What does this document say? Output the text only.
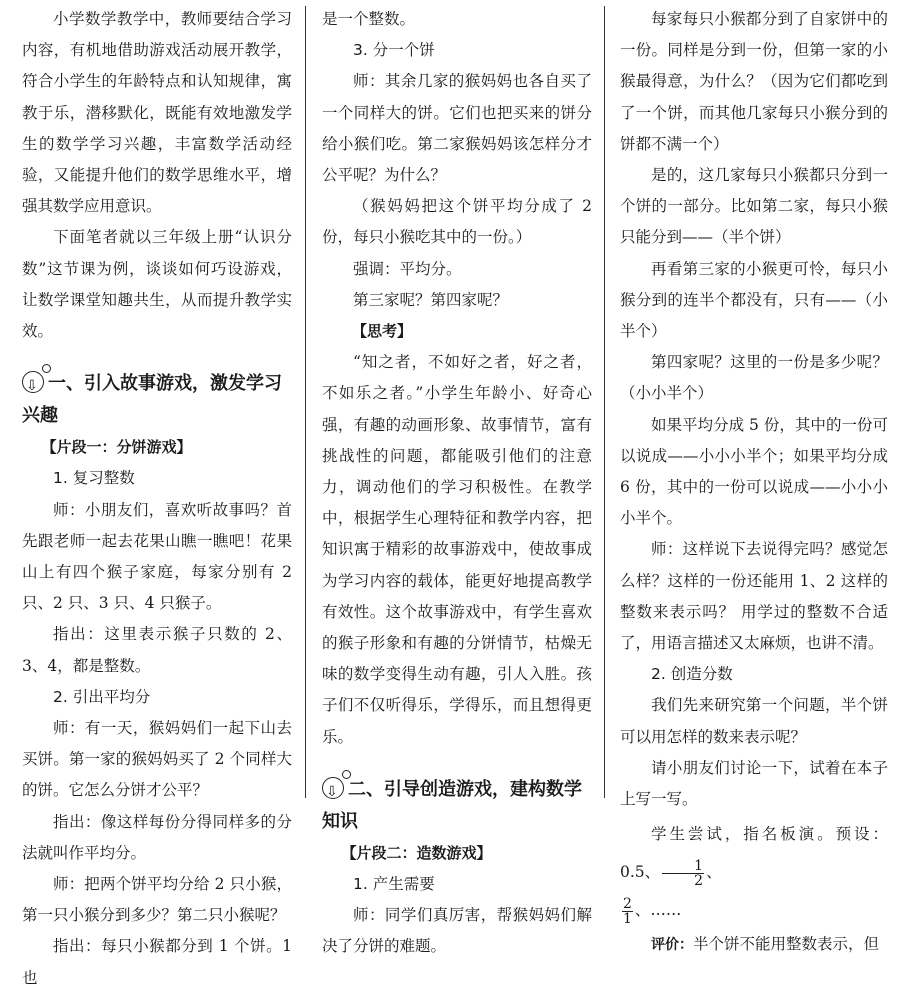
小学数学教学中，教师要结合学习内容，有机地借助游戏活动展开教学，符合小学生的年龄特点和认知规律，寓教于乐，潜移默化，既能有效地激发学生的数学学习兴趣，丰富数学活动经验，又能提升他们的数学思维水平，增强其数学应用意识。

下面笔者就以三年级上册“认识分数”这节课为例，谈谈如何巧设游戏，让数学课堂知趣共生，从而提升教学实效。

⇩一、引入故事游戏，激发学习兴趣
【片段一：分饼游戏】
1. 复习整数

师：小朋友们，喜欢听故事吗？首先跟老师一起去花果山瞧一瞧吧！花果山上有四个猴子家庭，每家分别有 2 只、2 只、3 只、4 只猴子。

指出：这里表示猴子只数的 2、3、4，都是整数。

2. 引出平均分

师：有一天，猴妈妈们一起下山去买饼。第一家的猴妈妈买了 2 个同样大的饼。它怎么分饼才公平？

指出：像这样每份分得同样多的分法就叫作平均分。

师：把两个饼平均分给 2 只小猴，第一只小猴分到多少？第二只小猴呢？

指出：每只小猴都分到 1 个饼。1 也

是一个整数。

3. 分一个饼

师：其余几家的猴妈妈也各自买了一个同样大的饼。它们也把买来的饼分给小猴们吃。第二家猴妈妈该怎样分才公平呢？为什么？

（猴妈妈把这个饼平均分成了 2 份，每只小猴吃其中的一份。）

强调：平均分。

第三家呢？第四家呢？

【思考】

“知之者，不如好之者，好之者，不如乐之者。”小学生年龄小、好奇心强，有趣的动画形象、故事情节，富有挑战性的问题，都能吸引他们的注意力，调动他们的学习积极性。在教学中，根据学生心理特征和教学内容，把知识寓于精彩的故事游戏中，使故事成为学习内容的载体，能更好地提高教学有效性。这个故事游戏中，有学生喜欢的猴子形象和有趣的分饼情节，枯燥无味的数学变得生动有趣，引人入胜。孩子们不仅听得乐，学得乐，而且想得更乐。

⇩二、引导创造游戏，建构数学知识
【片段二：造数游戏】
1. 产生需要

师：同学们真厉害，帮猴妈妈们解决了分饼的难题。

每家每只小猴都分到了自家饼中的一份。同样是分到一份，但第一家的小猴最得意，为什么？（因为它们都吃到了一个饼，而其他几家每只小猴分到的饼都不满一个）

是的，这几家每只小猴都只分到一个饼的一部分。比如第二家，每只小猴只能分到——（半个饼）

再看第三家的小猴更可怜，每只小猴分到的连半个都没有，只有——（小半个）

第四家呢？这里的一份是多少呢？（小小半个）

如果平均分成 5 份，其中的一份可以说成——小小小半个；如果平均分成 6 份，其中的一份可以说成——小小小小半个。

师：这样说下去说得完吗？感觉怎么样？这样的一份还能用 1、2 这样的整数来表示吗？ 用学过的整数不合适了，用语言描述又太麻烦，也讲不清。

2. 创造分数

我们先来研究第一个问题，半个饼可以用怎样的数来表示呢？

请小朋友们讨论一下，试着在本子上写一写。

学生尝试，指名板演。预设：0.5、 $\frac{1}{2}$ 、

$\frac{2}{1}$ 、……

评价：半个饼不能用整数表示，但
